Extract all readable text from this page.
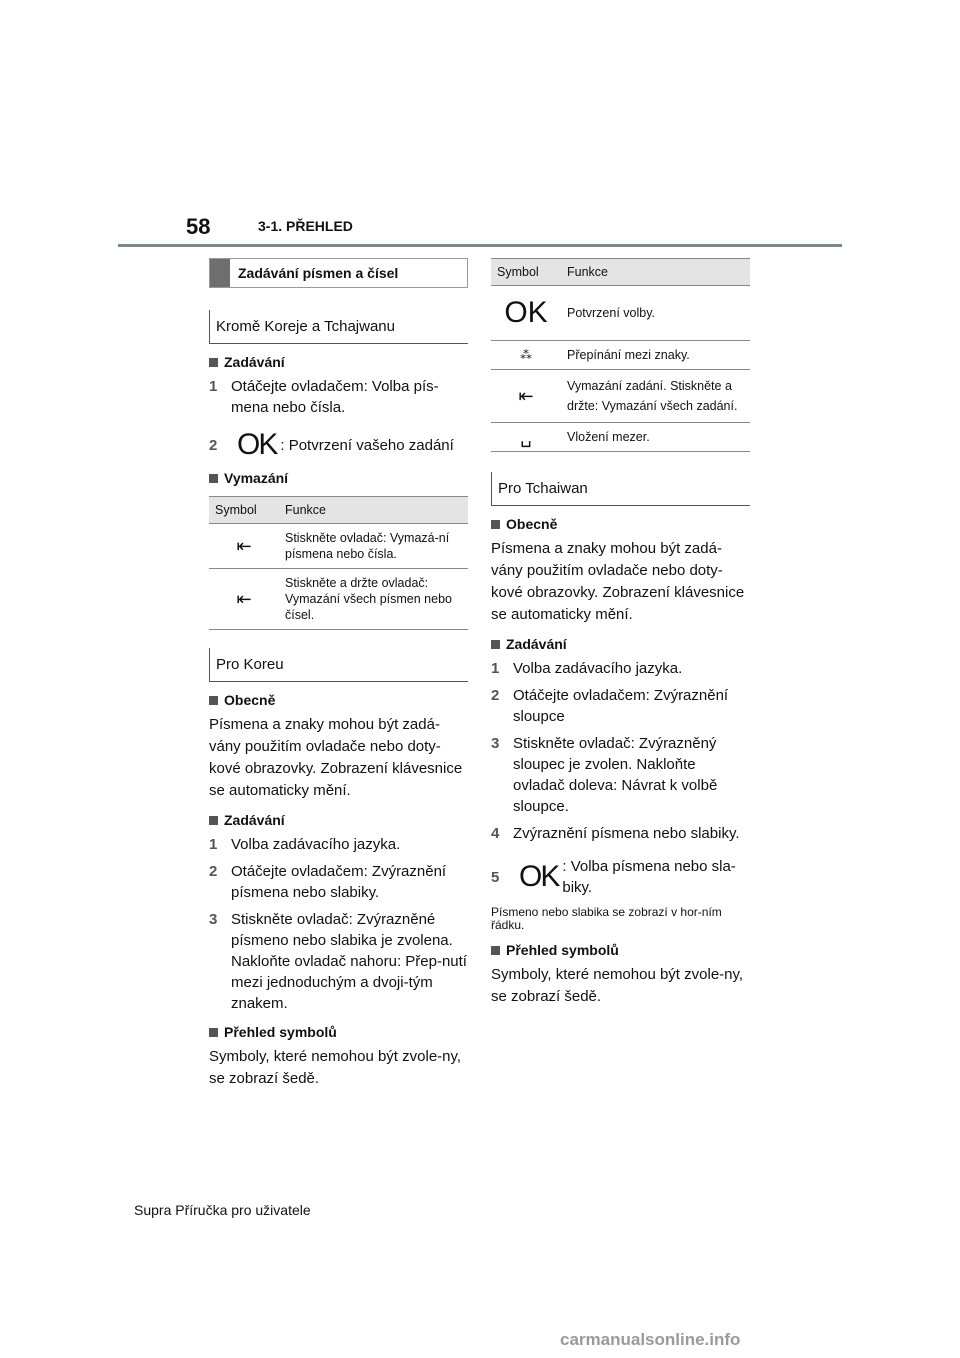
58	3-1. PŘEHLED
Zadávání písmen a čísel
Kromě Koreje a Tchajwanu
Zadávání
1 Otáčejte ovladačem: Volba pís-mena nebo čísla.
2 OK : Potvrzení vašeho zadání
Vymazání
Symbol	Funkce
⇤	Stiskněte ovladač: Vymazá-ní písmena nebo čísla.
⇤	Stiskněte a držte ovladač: Vymazání všech písmen nebo čísel.
Pro Koreu
Obecně
Písmena a znaky mohou být zadá-vány použitím ovladače nebo doty-kové obrazovky. Zobrazení klávesnice se automaticky mění.
Zadávání
1 Volba zadávacího jazyka.
2 Otáčejte ovladačem: Zvýraznění písmena nebo slabiky.
3 Stiskněte ovladač: Zvýrazněné písmeno nebo slabika je zvolena. Nakloňte ovladač nahoru: Přep-nutí mezi jednoduchým a dvoji-tým znakem.
Přehled symbolů
Symboly, které nemohou být zvole-ny, se zobrazí šedě.
Symbol	Funkce
OK	Potvrzení volby.
⁂	Přepínání mezi znaky.
⇤	Vymazání zadání. Stiskněte a držte: Vymazání všech zadání.
␣	Vložení mezer.
Pro Tchaiwan
Obecně
Písmena a znaky mohou být zadá-vány použitím ovladače nebo doty-kové obrazovky. Zobrazení klávesnice se automaticky mění.
Zadávání
1 Volba zadávacího jazyka.
2 Otáčejte ovladačem: Zvýraznění sloupce
3 Stiskněte ovladač: Zvýrazněný sloupec je zvolen. Nakloňte ovladač doleva: Návrat k volbě sloupce.
4 Zvýraznění písmena nebo slabiky.
5 OK : Volba písmena nebo sla-biky.
Písmeno nebo slabika se zobrazí v hor-ním řádku.
Přehled symbolů
Symboly, které nemohou být zvole-ny, se zobrazí šedě.
Supra Příručka pro uživatele
carmanualsonline.info
